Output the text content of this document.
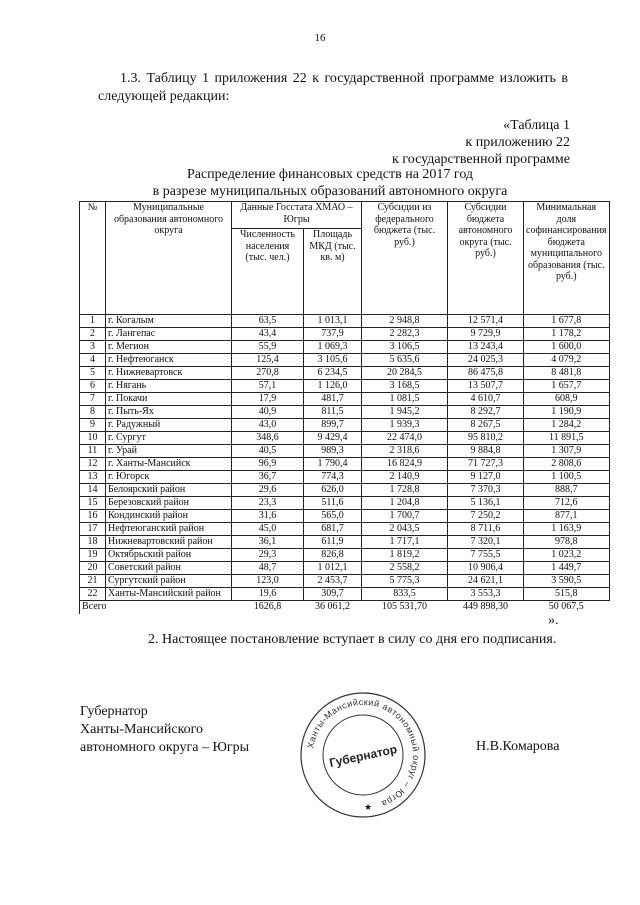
16
1.3. Таблицу 1 приложения 22 к государственной программе изложить в следующей редакции:
«Таблица 1
к приложению 22
к государственной программе
Распределение финансовых средств на 2017 год
в разрезе муниципальных образований автономного округа
№	Муниципальные образования автономного округа	Данные Госстата ХМАО – Югры		Субсидии из федерального бюджета (тыс. руб.)	Субсидии бюджета автономного округа (тыс. руб.)	Минимальная доля софинансирования бюджета муниципального образования (тыс. руб.)
		Численность населения (тыс. чел.)	Площадь МКД (тыс. кв. м)			
1	г. Когалым	63,5	1 013,1	2 948,8	12 571,4	1 677,8
2	г. Лангепас	43,4	737,9	2 282,3	9 729,9	1 178,2
3	г. Мегион	55,9	1 069,3	3 106,5	13 243,4	1 600,0
4	г. Нефтеюганск	125,4	3 105,6	5 635,6	24 025,3	4 079,2
5	г. Нижневартовск	270,8	6 234,5	20 284,5	86 475,8	8 481,8
6	г. Нягань	57,1	1 126,0	3 168,5	13 507,7	1 657,7
7	г. Покачи	17,9	481,7	1 081,5	4 610,7	608,9
8	г. Пыть-Ях	40,9	811,5	1 945,2	8 292,7	1 190,9
9	г. Радужный	43,0	899,7	1 939,3	8 267,5	1 284,2
10	г. Сургут	348,6	9 429,4	22 474,0	95 810,2	11 891,5
11	г. Урай	40,5	989,3	2 318,6	9 884,8	1 307,9
12	г. Ханты-Мансийск	96,9	1 790,4	16 824,9	71 727,3	2 808,6
13	г. Югорск	36,7	774,3	2 140,9	9 127,0	1 100,5
14	Белоярский район	29,6	626,0	1 728,8	7 370,3	888,7
15	Березовский район	23,3	511,6	1 204,8	5 136,1	712,6
16	Кондинский район	31,6	565,0	1 700,7	7 250,2	877,1
17	Нефтеюганский район	45,0	681,7	2 043,5	8 711,6	1 163,9
18	Нижневартовский район	36,1	611,9	1 717,1	7 320,1	978,8
19	Октябрьский район	29,3	826,8	1 819,2	7 755,5	1 023,2
20	Советский район	48,7	1 012,1	2 558,2	10 906,4	1 449,7
21	Сургутский район	123,0	2 453,7	5 775,3	24 621,1	3 590,5
22	Ханты-Мансийский район	19,6	309,7	833,5	3 553,3	515,8
Всего		1626,8	36 061,2	105 531,70	449 898,30	50 067,5
».
2. Настоящее постановление вступает в силу со дня его подписания.
Губернатор
Ханты-Мансийского
автономного округа – Югры	Н.В.Комарова
Ханты-Мансийский автономный округ – Югра
Губернатор
★
